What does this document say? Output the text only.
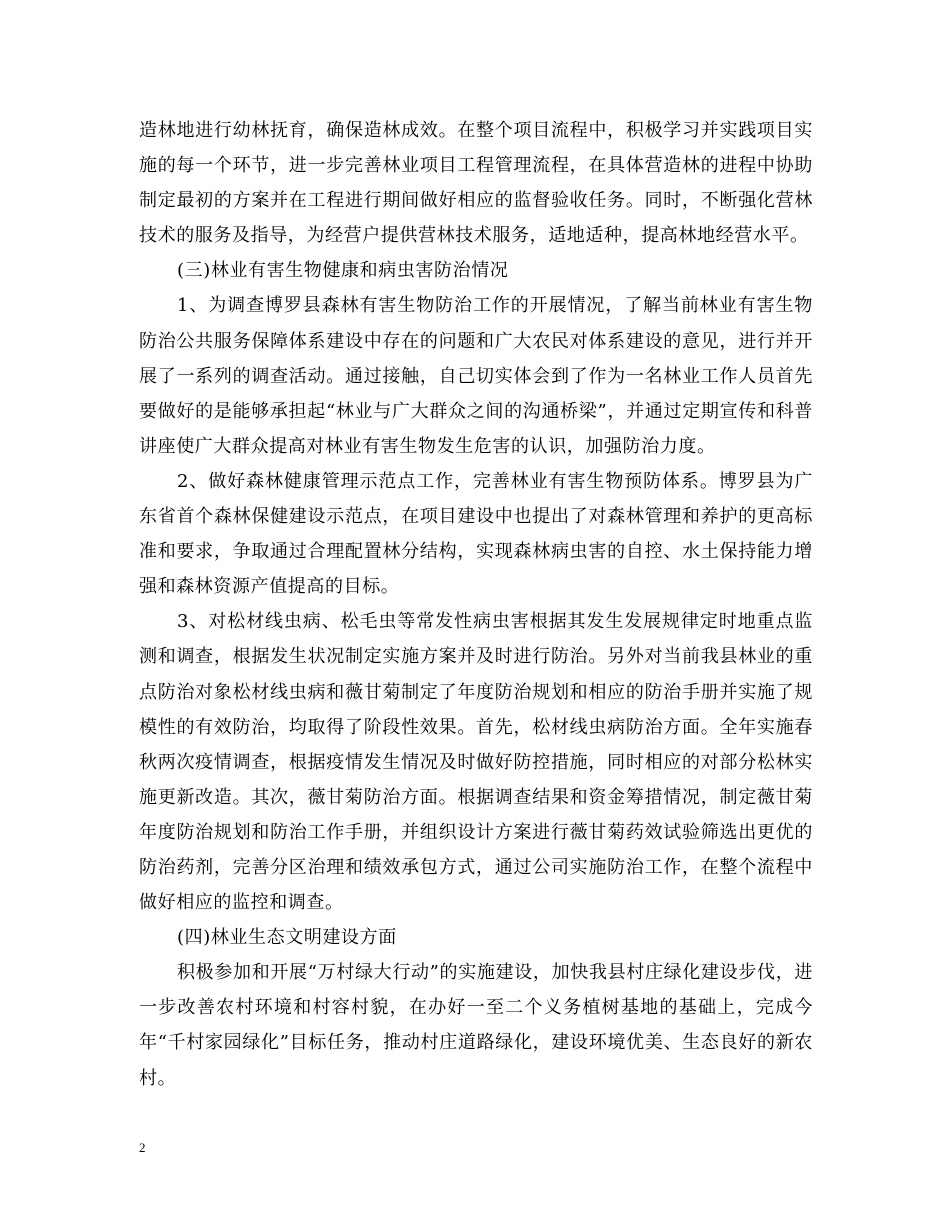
造林地进行幼林抚育，确保造林成效。在整个项目流程中，积极学习并实践项目实施的每一个环节，进一步完善林业项目工程管理流程，在具体营造林的进程中协助制定最初的方案并在工程进行期间做好相应的监督验收任务。同时，不断强化营林技术的服务及指导，为经营户提供营林技术服务，适地适种，提高林地经营水平。

(三)林业有害生物健康和病虫害防治情况

1、为调查博罗县森林有害生物防治工作的开展情况，了解当前林业有害生物防治公共服务保障体系建设中存在的问题和广大农民对体系建设的意见，进行并开展了一系列的调查活动。通过接触，自己切实体会到了作为一名林业工作人员首先要做好的是能够承担起“林业与广大群众之间的沟通桥梁”，并通过定期宣传和科普讲座使广大群众提高对林业有害生物发生危害的认识，加强防治力度。

2、做好森林健康管理示范点工作，完善林业有害生物预防体系。博罗县为广东省首个森林保健建设示范点，在项目建设中也提出了对森林管理和养护的更高标准和要求，争取通过合理配置林分结构，实现森林病虫害的自控、水土保持能力增强和森林资源产值提高的目标。

3、对松材线虫病、松毛虫等常发性病虫害根据其发生发展规律定时地重点监测和调查，根据发生状况制定实施方案并及时进行防治。另外对当前我县林业的重点防治对象松材线虫病和薇甘菊制定了年度防治规划和相应的防治手册并实施了规模性的有效防治，均取得了阶段性效果。首先，松材线虫病防治方面。全年实施春秋两次疫情调查，根据疫情发生情况及时做好防控措施，同时相应的对部分松林实施更新改造。其次，薇甘菊防治方面。根据调查结果和资金筹措情况，制定薇甘菊年度防治规划和防治工作手册，并组织设计方案进行薇甘菊药效试验筛选出更优的防治药剂，完善分区治理和绩效承包方式，通过公司实施防治工作，在整个流程中做好相应的监控和调查。

(四)林业生态文明建设方面

积极参加和开展“万村绿大行动”的实施建设，加快我县村庄绿化建设步伐，进一步改善农村环境和村容村貌，在办好一至二个义务植树基地的基础上，完成今年“千村家园绿化”目标任务，推动村庄道路绿化，建设环境优美、生态良好的新农村。

2
